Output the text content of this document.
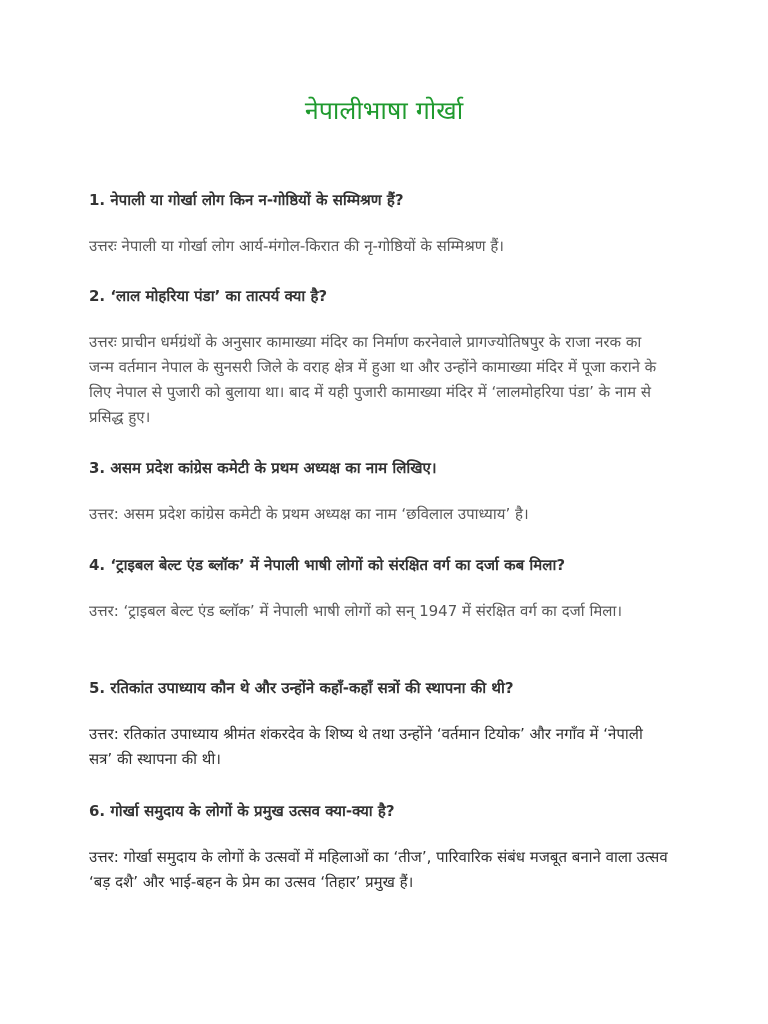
नेपालीभाषा गोर्खा

1. नेपाली या गोर्खा लोग किन न-गोष्ठियों के सम्मिश्रण हैं?

उत्तरः नेपाली या गोर्खा लोग आर्य-मंगोल-किरात की नृ-गोष्ठियों के सम्मिश्रण हैं।

2. ‘लाल मोहरिया पंडा’ का तात्पर्य क्या है?

उत्तरः प्राचीन धर्मग्रंथों के अनुसार कामाख्या मंदिर का निर्माण करनेवाले प्रागज्योतिषपुर के राजा नरक का जन्म वर्तमान नेपाल के सुनसरी जिले के वराह क्षेत्र में हुआ था और उन्होंने कामाख्या मंदिर में पूजा कराने के लिए नेपाल से पुजारी को बुलाया था। बाद में यही पुजारी कामाख्या मंदिर में ‘लालमोहरिया पंडा’ के नाम से प्रसिद्ध हुए।

3. असम प्रदेश कांग्रेस कमेटी के प्रथम अध्यक्ष का नाम लिखिए।

उत्तर: असम प्रदेश कांग्रेस कमेटी के प्रथम अध्यक्ष का नाम ‘छविलाल उपाध्याय’ है।

4. ‘ट्राइबल बेल्ट एंड ब्लॉक’ में नेपाली भाषी लोगों को संरक्षित वर्ग का दर्जा कब मिला?

उत्तर: ‘ट्राइबल बेल्ट एंड ब्लॉक’ में नेपाली भाषी लोगों को सन् 1947 में संरक्षित वर्ग का दर्जा मिला।

5. रतिकांत उपाध्याय कौन थे और उन्होंने कहाँ-कहाँ सत्रों की स्थापना की थी?

उत्तर: रतिकांत उपाध्याय श्रीमंत शंकरदेव के शिष्य थे तथा उन्होंने ‘वर्तमान टियोक’ और नगाँव में ‘नेपाली सत्र’ की स्थापना की थी।

6. गोर्खा समुदाय के लोगों के प्रमुख उत्सव क्या-क्या है?

उत्तर: गोर्खा समुदाय के लोगों के उत्सवों में महिलाओं का ‘तीज’, पारिवारिक संबंध मजबूत बनाने वाला उत्सव ‘बड़ दशै’ और भाई-बहन के प्रेम का उत्सव ‘तिहार’ प्रमुख हैं।
